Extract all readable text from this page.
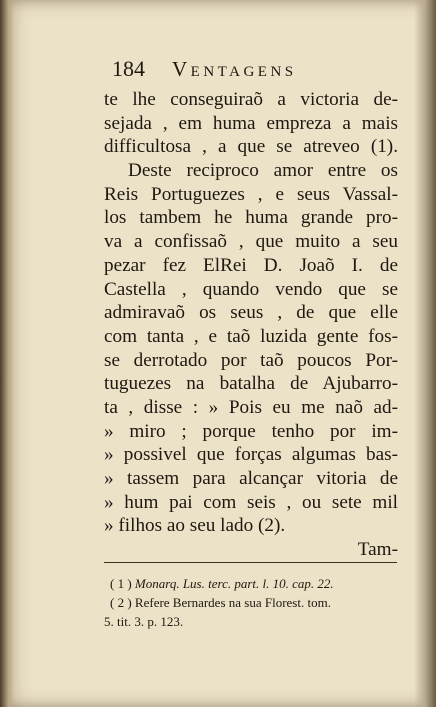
184 Ventagens
te lhe conseguiraõ a victoria de-
sejada , em huma empreza a mais
difficultosa , a que se atreveo (1).
Deste reciproco amor entre os
Reis Portuguezes , e seus Vassal-
los tambem he huma grande pro-
va a confissaõ , que muito a seu
pezar fez ElRei D. Joaõ I. de
Castella , quando vendo que se
admiravaõ os seus , de que elle
com tanta , e taõ luzida gente fos-
se derrotado por taõ poucos Por-
tuguezes na batalha de Ajubarro-
ta , disse : » Pois eu me naõ ad-
» miro ; porque tenho por im-
» possivel que forças algumas bas-
» tassem para alcançar vitoria de
» hum pai com seis , ou sete mil
» filhos ao seu lado (2).
Tam-
( 1 ) Monarq. Lus. terc. part. l. 10. cap. 22.
( 2 ) Refere Bernardes na sua Florest. tom.
5. tit. 3. p. 123.
